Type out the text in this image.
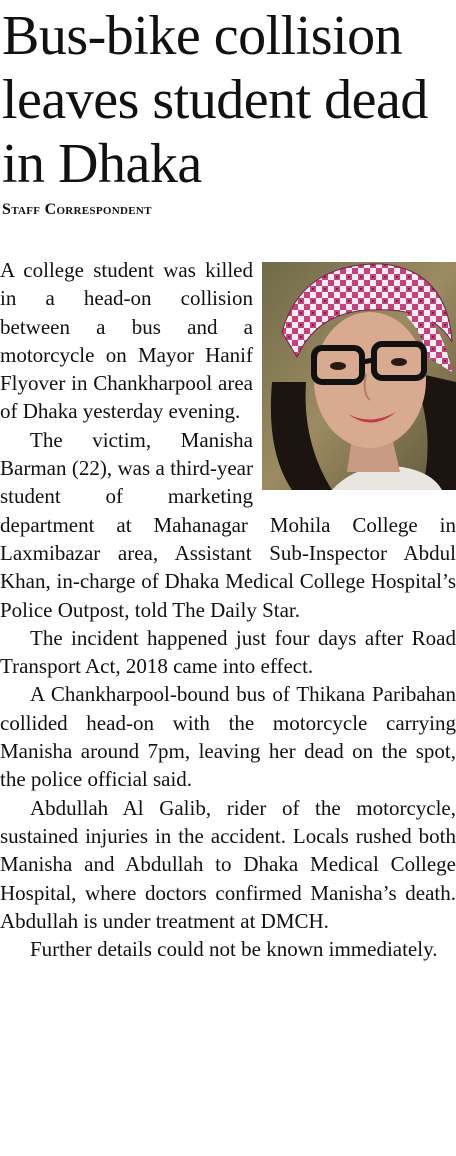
Bus-bike collision leaves student dead in Dhaka
Staff Correspondent

A college student was killed in a head-on collision between a bus and a motorcycle on Mayor Hanif Flyover in Chankharpool area of Dhaka yesterday evening.

The victim, Manisha Barman (22), was a third-year student of marketing department at Mahanagar Mohila College in Laxmibazar area, Assistant Sub-Inspector Abdul Khan, in-charge of Dhaka Medical College Hospital’s Police Outpost, told The Daily Star.

The incident happened just four days after Road Transport Act, 2018 came into effect.

A Chankharpool-bound bus of Thikana Paribahan collided head-on with the motorcycle carrying Manisha around 7pm, leaving her dead on the spot, the police official said.

Abdullah Al Galib, rider of the motorcycle, sustained injuries in the accident. Locals rushed both Manisha and Abdullah to Dhaka Medical College Hospital, where doctors confirmed Manisha’s death. Abdullah is under treatment at DMCH.

Further details could not be known immediately.
